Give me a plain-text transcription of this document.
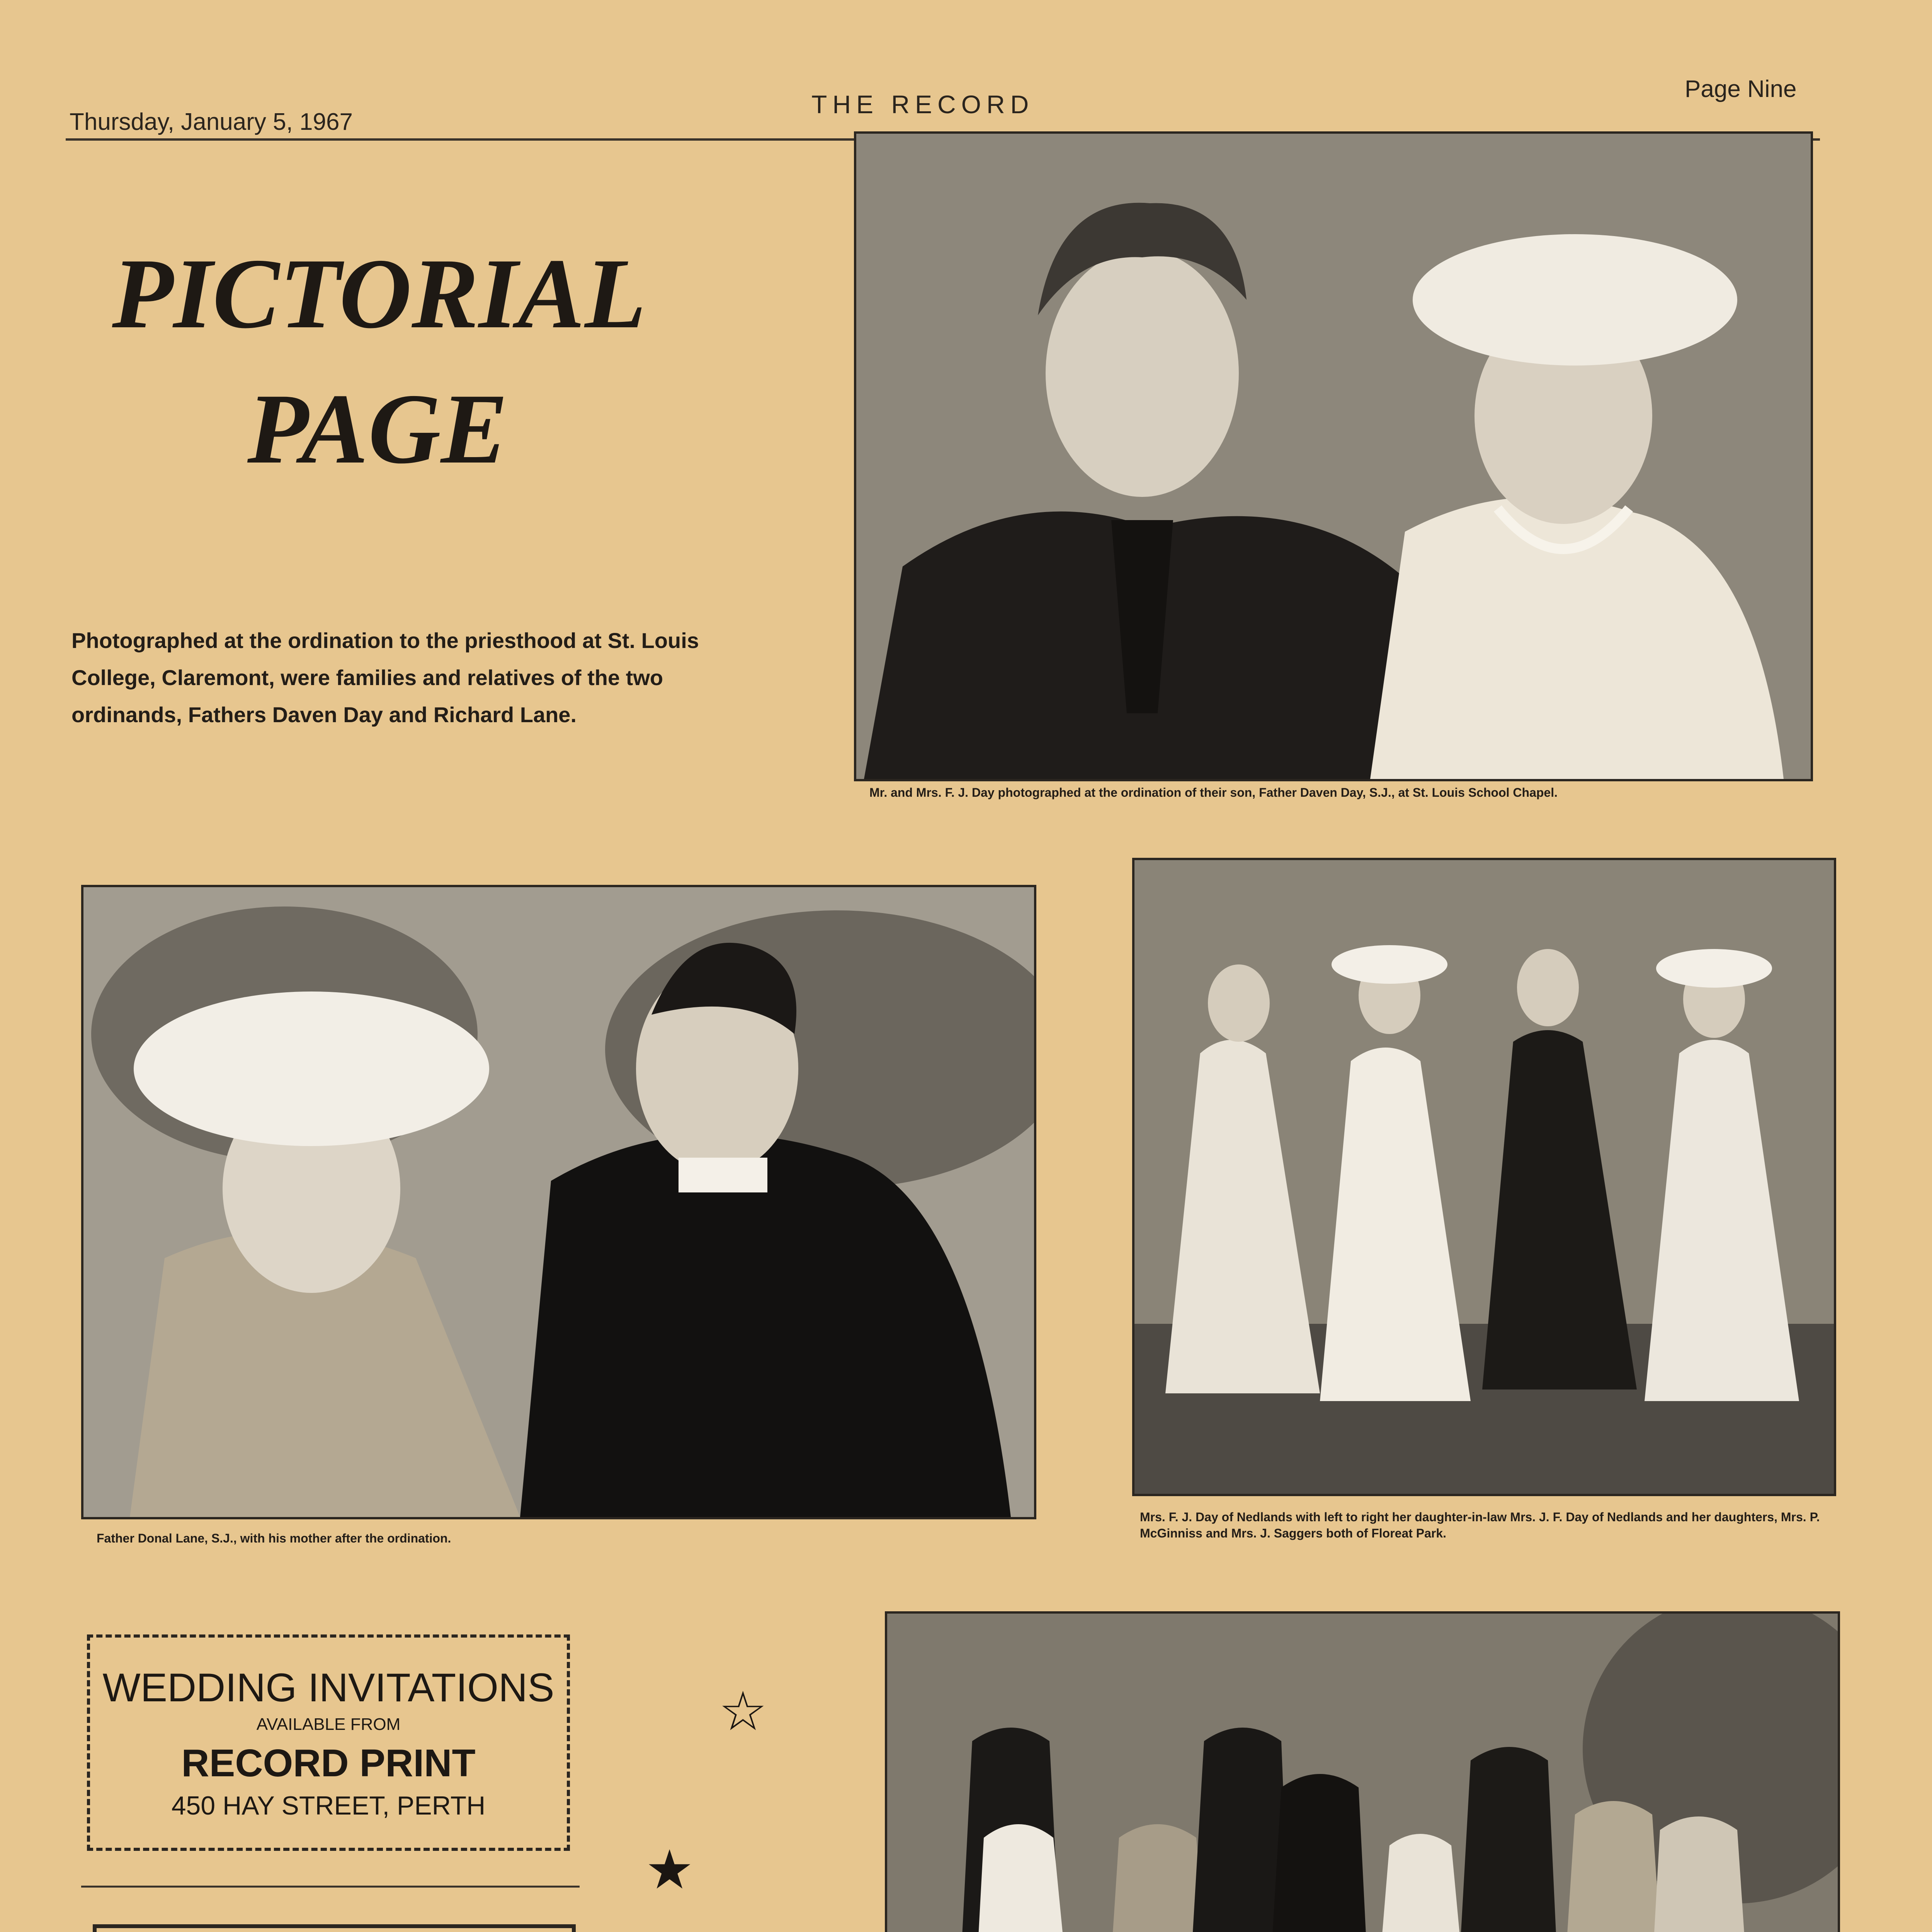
Thursday, January 5, 1967
THE RECORD
Page Nine
PICTORIAL
PAGE
Photographed at the ordination to the priesthood at St. Louis College, Claremont, were families and relatives of the two ordinands, Fathers Daven Day and Richard Lane.
Mr. and Mrs. F. J. Day photographed at the ordination of their son, Father Daven Day, S.J., at St. Louis School Chapel.
Father Donal Lane, S.J., with his mother after the ordination.
Mrs. F. J. Day of Nedlands with left to right her daughter-in-law Mrs. J. F. Day of Nedlands and her daughters, Mrs. P. McGinniss and Mrs. J. Saggers both of Floreat Park.
WEDDING INVITATIONS
AVAILABLE FROM
RECORD PRINT
450 HAY STREET, PERTH
☆
★
